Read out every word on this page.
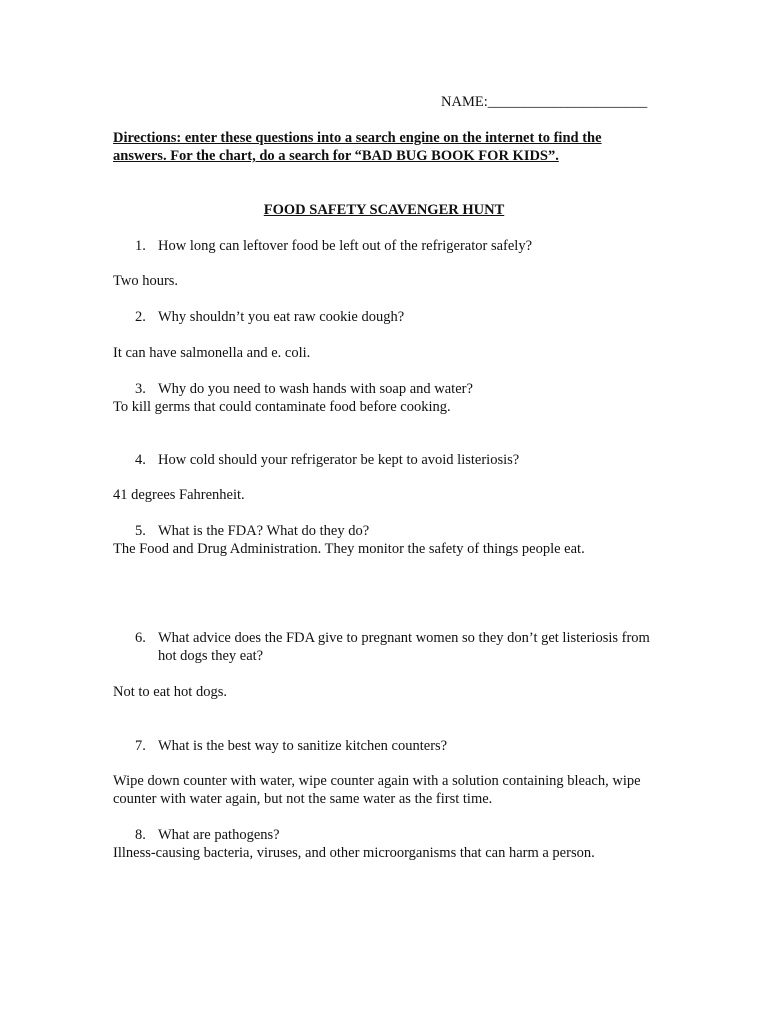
NAME:______________________
Directions: enter these questions into a search engine on the internet to find the answers. For the chart, do a search for “BAD BUG BOOK FOR KIDS”.
FOOD SAFETY SCAVENGER HUNT
1. How long can leftover food be left out of the refrigerator safely?
Two hours.
2. Why shouldn’t you eat raw cookie dough?
It can have salmonella and e. coli.
3. Why do you need to wash hands with soap and water?
To kill germs that could contaminate food before cooking.
4. How cold should your refrigerator be kept to avoid listeriosis?
41 degrees Fahrenheit.
5. What is the FDA? What do they do?
The Food and Drug Administration. They monitor the safety of things people eat.
6. What advice does the FDA give to pregnant women so they don’t get listeriosis from hot dogs they eat?
Not to eat hot dogs.
7. What is the best way to sanitize kitchen counters?
Wipe down counter with water, wipe counter again with a solution containing bleach, wipe counter with water again, but not the same water as the first time.
8. What are pathogens?
Illness-causing bacteria, viruses, and other microorganisms that can harm a person.
